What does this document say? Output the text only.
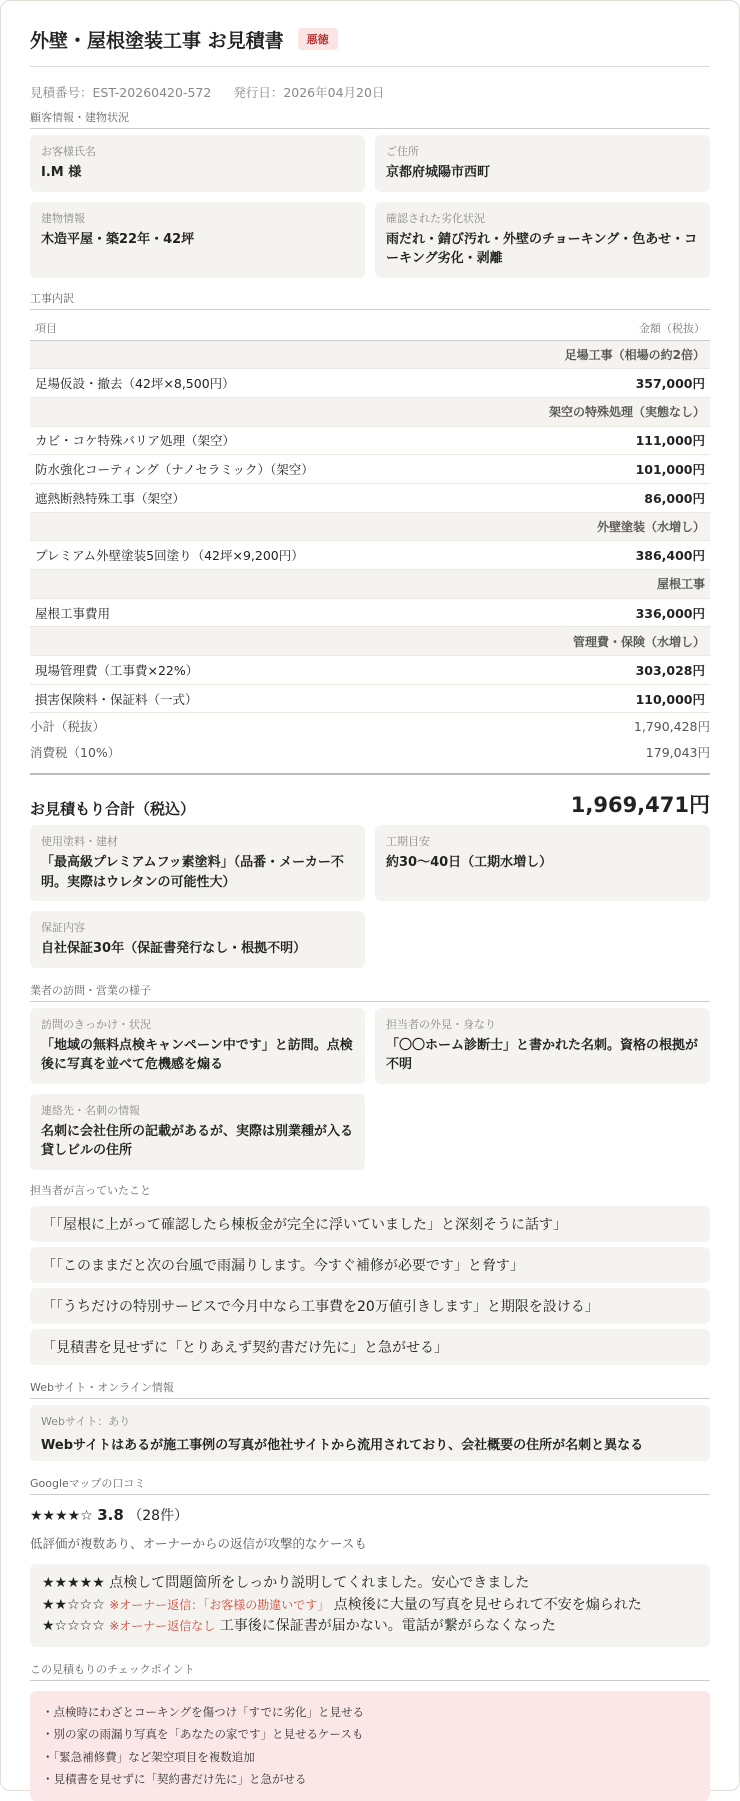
外壁・屋根塗装工事 お見積書	悪徳
見積番号：EST-20260420-572 発行日：2026年04月20日
顧客情報・建物状況
お客様氏名
I.M 様
ご住所
京都府城陽市西町
建物情報
木造平屋・築22年・42坪
確認された劣化状況
雨だれ・錆び汚れ・外壁のチョーキング・色あせ・コーキング劣化・剥離
工事内訳
項目	金額（税抜）
足場工事（相場の約2倍）	
足場仮設・撤去（42坪×8,500円）	357,000円
架空の特殊処理（実態なし）	
カビ・コケ特殊バリア処理（架空）	111,000円
防水強化コーティング（ナノセラミック）（架空）	101,000円
遮熱断熱特殊工事（架空）	86,000円
外壁塗装（水増し）	
プレミアム外壁塗装5回塗り（42坪×9,200円）	386,400円
屋根工事	
屋根工事費用	336,000円
管理費・保険（水増し）	
現場管理費（工事費×22%）	303,028円
損害保険料・保証料（一式）	110,000円
小計（税抜）	1,790,428円
消費税（10%）	179,043円
お見積もり合計（税込）	1,969,471円
使用塗料・建材
「最高級プレミアムフッ素塗料」（品番・メーカー不明。実際はウレタンの可能性大）
工期目安
約30〜40日（工期水増し）
保証内容
自社保証30年（保証書発行なし・根拠不明）
業者の訪問・営業の様子
訪問のきっかけ・状況
「地域の無料点検キャンペーン中です」と訪問。点検後に写真を並べて危機感を煽る
担当者の外見・身なり
「〇〇ホーム診断士」と書かれた名刺。資格の根拠が不明
連絡先・名刺の情報
名刺に会社住所の記載があるが、実際は別業種が入る貸しビルの住所
担当者が言っていたこと
「「屋根に上がって確認したら棟板金が完全に浮いていました」と深刻そうに話す」
「「このままだと次の台風で雨漏りします。今すぐ補修が必要です」と脅す」
「「うちだけの特別サービスで今月中なら工事費を20万値引きします」と期限を設ける」
「見積書を見せずに「とりあえず契約書だけ先に」と急がせる」
Webサイト・オンライン情報
Webサイト：あり
Webサイトはあるが施工事例の写真が他社サイトから流用されており、会社概要の住所が名刺と異なる
Googleマップの口コミ
★★★★☆ 3.8 （28件）
低評価が複数あり、オーナーからの返信が攻撃的なケースも
★★★★★ 点検して問題箇所をしっかり説明してくれました。安心できました
★★☆☆☆ ※オーナー返信：「お客様の勘違いです」 点検後に大量の写真を見せられて不安を煽られた
★☆☆☆☆ ※オーナー返信なし 工事後に保証書が届かない。電話が繋がらなくなった
この見積もりのチェックポイント
・点検時にわざとコーキングを傷つけ「すでに劣化」と見せる
・別の家の雨漏り写真を「あなたの家です」と見せるケースも
・「緊急補修費」など架空項目を複数追加
・見積書を見せずに「契約書だけ先に」と急がせる
